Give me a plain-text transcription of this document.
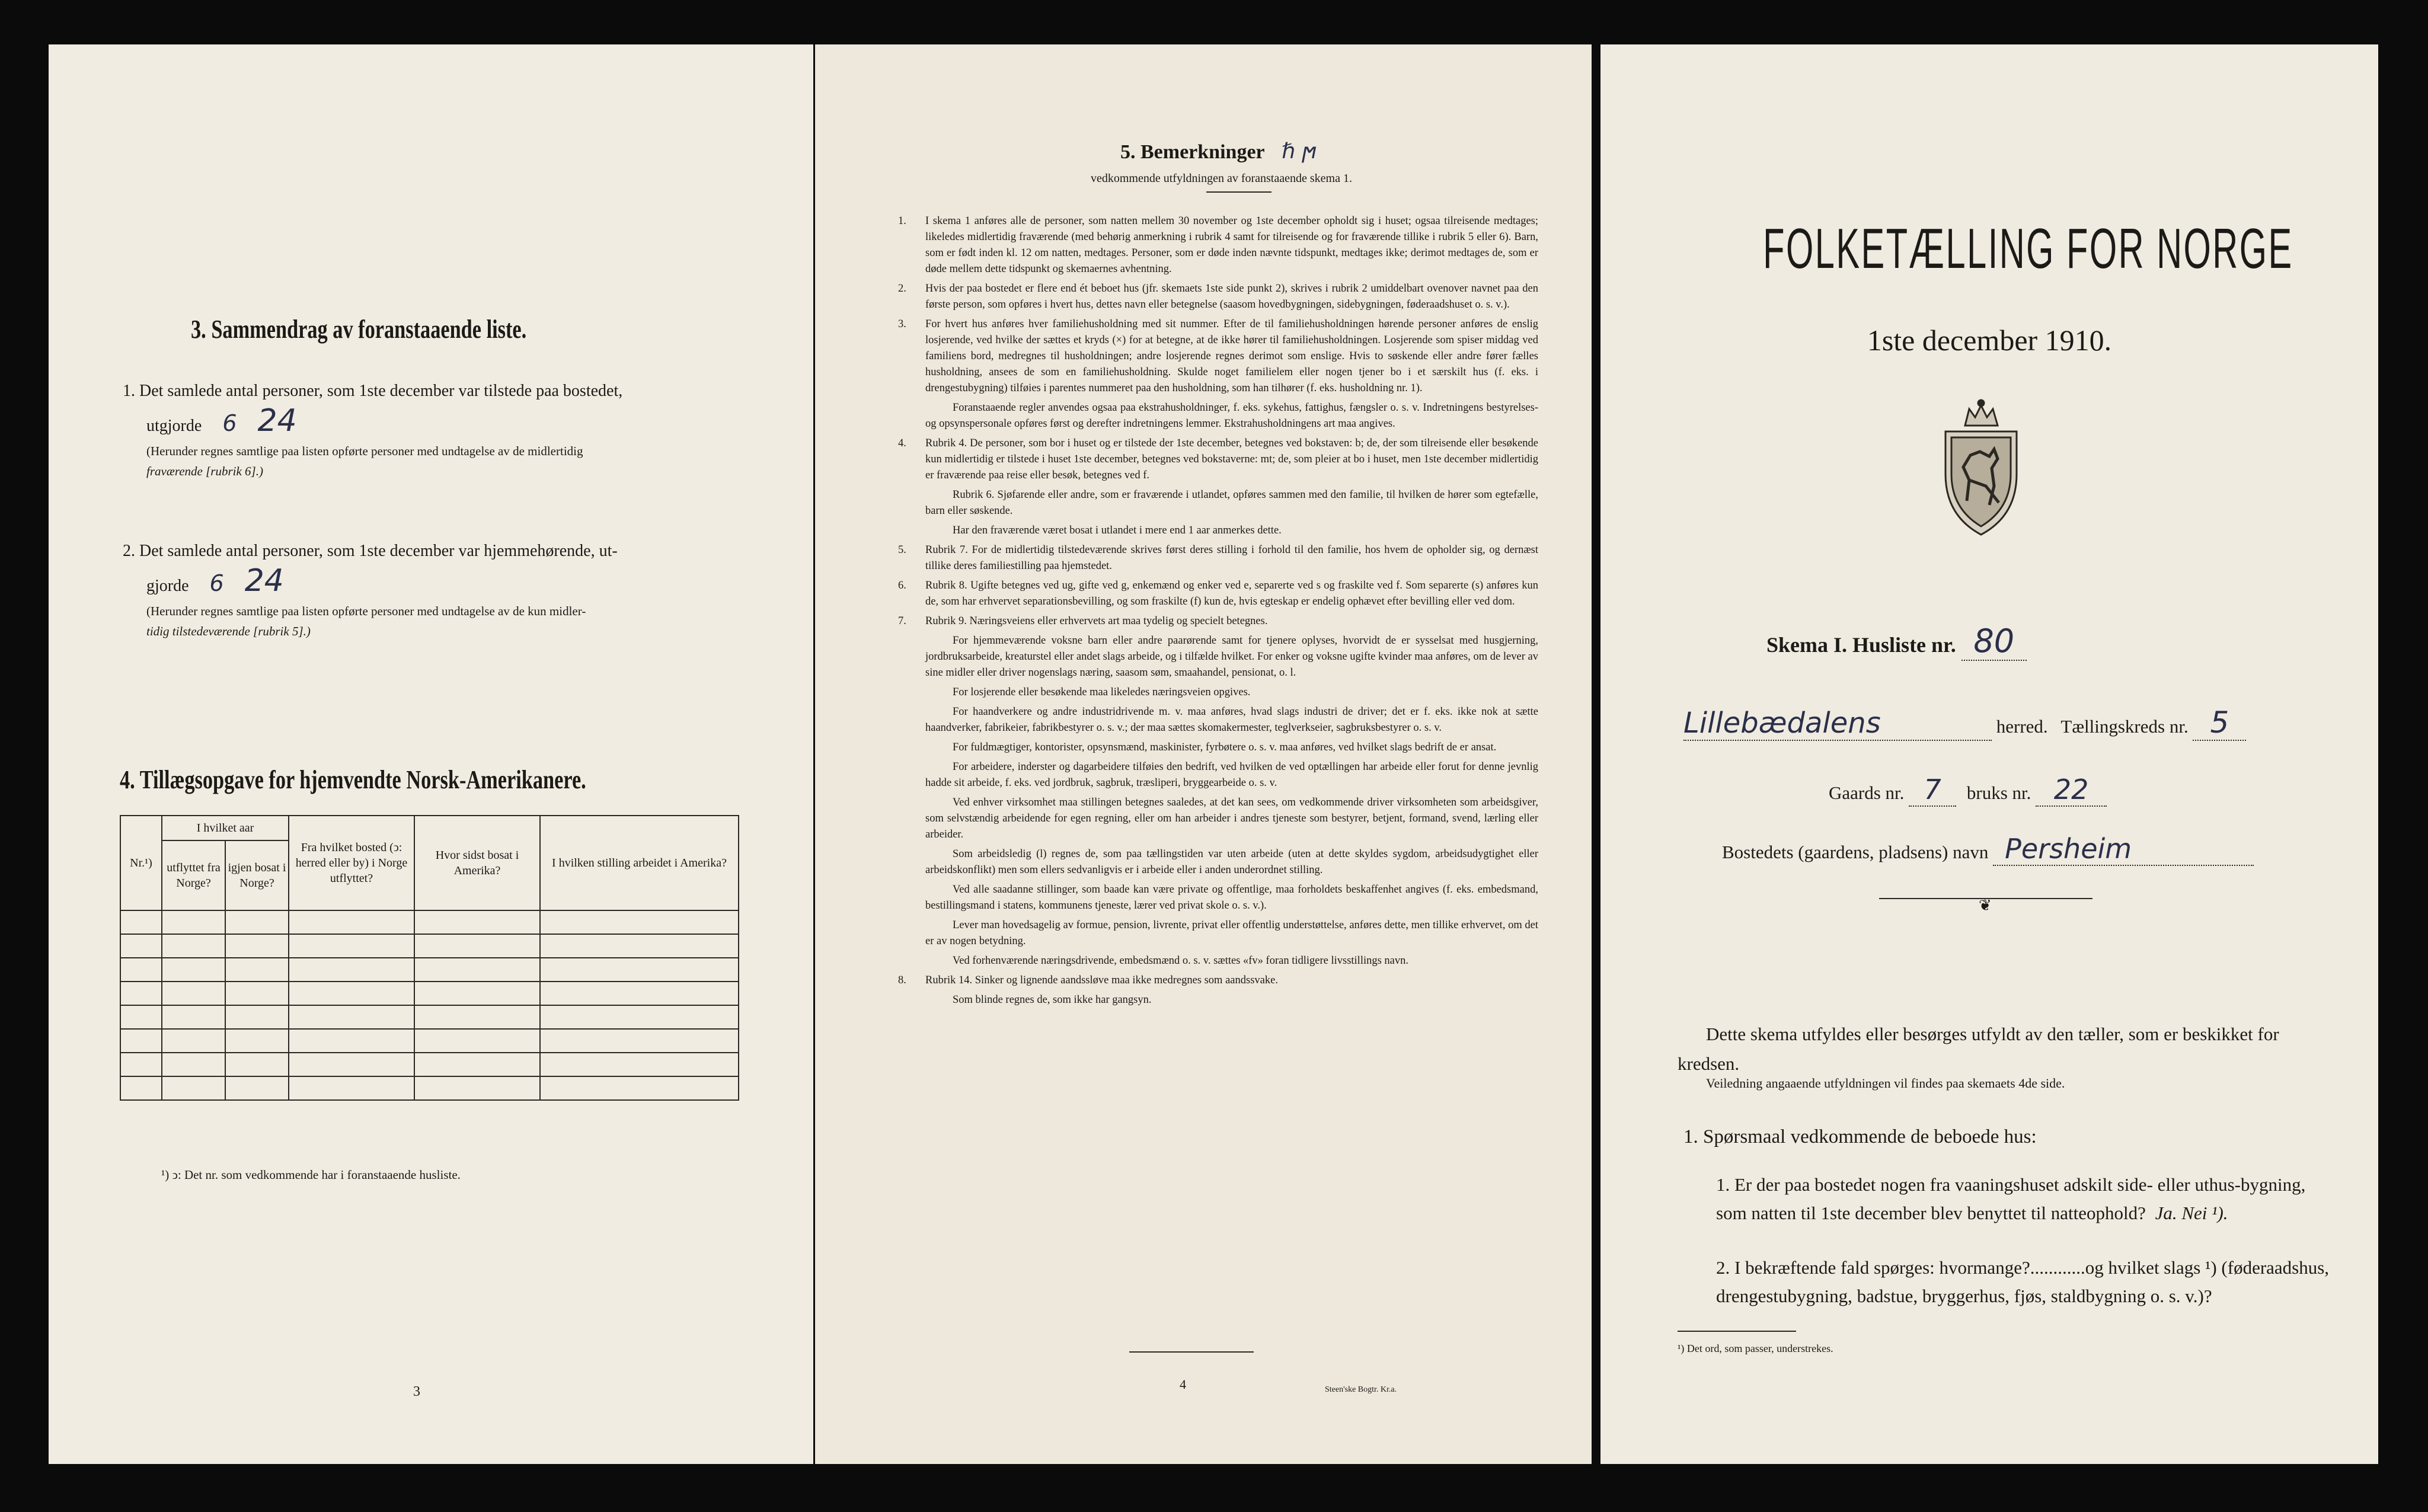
3. Sammendrag av foranstaaende liste.
1. Det samlede antal personer, som 1ste december var tilstede paa bostedet,
utgjorde 6 24
(Herunder regnes samtlige paa listen opførte personer med undtagelse av de midlertidig
fraværende [rubrik 6].)
2. Det samlede antal personer, som 1ste december var hjemmehørende, ut-
gjorde 6 24
(Herunder regnes samtlige paa listen opførte personer med undtagelse av de kun midler-
tidig tilstedeværende [rubrik 5].)
4. Tillægsopgave for hjemvendte Norsk-Amerikanere.
Nr.¹)	I hvilket aar		Fra hvilket bosted (ↄ: herred eller by) i Norge utflyttet?	Hvor sidst bosat i Amerika?	I hvilken stilling arbeidet i Amerika?
	utflyttet fra Norge?	igjen bosat i Norge?			

¹) ↄ: Det nr. som vedkommende har i foranstaaende husliste.
3
5. Bemerkninger ℏ ϻ
vedkommende utfyldningen av foranstaaende skema 1.
1. I skema 1 anføres alle de personer, som natten mellem 30 november og 1ste december opholdt sig i huset; ogsaa tilreisende medtages; likeledes midlertidig fraværende (med behørig anmerkning i rubrik 4 samt for tilreisende og for fraværende tillike i rubrik 5 eller 6). Barn, som er født inden kl. 12 om natten, medtages. Personer, som er døde inden nævnte tidspunkt, medtages ikke; derimot medtages de, som er døde mellem dette tidspunkt og skemaernes avhentning.

2. Hvis der paa bostedet er flere end ét beboet hus (jfr. skemaets 1ste side punkt 2), skrives i rubrik 2 umiddelbart ovenover navnet paa den første person, som opføres i hvert hus, dettes navn eller betegnelse (saasom hovedbygningen, sidebygningen, føderaadshuset o. s. v.).

3. For hvert hus anføres hver familiehusholdning med sit nummer. Efter de til familiehusholdningen hørende personer anføres de enslig losjerende, ved hvilke der sættes et kryds (×) for at betegne, at de ikke hører til familiehusholdningen. Losjerende som spiser middag ved familiens bord, medregnes til husholdningen; andre losjerende regnes derimot som enslige. Hvis to søskende eller andre fører fælles husholdning, ansees de som en familiehusholdning. Skulde noget familielem eller nogen tjener bo i et særskilt hus (f. eks. i drengestubygning) tilføies i parentes nummeret paa den husholdning, som han tilhører (f. eks. husholdning nr. 1).

Foranstaaende regler anvendes ogsaa paa ekstrahusholdninger, f. eks. sykehus, fattighus, fængsler o. s. v. Indretningens bestyrelses- og opsynspersonale opføres først og derefter indretningens lemmer. Ekstrahusholdningens art maa angives.

4. Rubrik 4. De personer, som bor i huset og er tilstede der 1ste december, betegnes ved bokstaven: b; de, der som tilreisende eller besøkende kun midlertidig er tilstede i huset 1ste december, betegnes ved bokstaverne: mt; de, som pleier at bo i huset, men 1ste december midlertidig er fraværende paa reise eller besøk, betegnes ved f.

Rubrik 6. Sjøfarende eller andre, som er fraværende i utlandet, opføres sammen med den familie, til hvilken de hører som egtefælle, barn eller søskende.

Har den fraværende været bosat i utlandet i mere end 1 aar anmerkes dette.

5. Rubrik 7. For de midlertidig tilstedeværende skrives først deres stilling i forhold til den familie, hos hvem de opholder sig, og dernæst tillike deres familiestilling paa hjemstedet.

6. Rubrik 8. Ugifte betegnes ved ug, gifte ved g, enkemænd og enker ved e, separerte ved s og fraskilte ved f. Som separerte (s) anføres kun de, som har erhvervet separationsbevilling, og som fraskilte (f) kun de, hvis egteskap er endelig ophævet efter bevilling eller ved dom.

7. Rubrik 9. Næringsveiens eller erhvervets art maa tydelig og specielt betegnes.

For hjemmeværende voksne barn eller andre paarørende samt for tjenere oplyses, hvorvidt de er sysselsat med husgjerning, jordbruksarbeide, kreaturstel eller andet slags arbeide, og i tilfælde hvilket. For enker og voksne ugifte kvinder maa anføres, om de lever av sine midler eller driver nogenslags næring, saasom søm, smaahandel, pensionat, o. l.

For losjerende eller besøkende maa likeledes næringsveien opgives.

For haandverkere og andre industridrivende m. v. maa anføres, hvad slags industri de driver; det er f. eks. ikke nok at sætte haandverker, fabrikeier, fabrikbestyrer o. s. v.; der maa sættes skomakermester, teglverkseier, sagbruksbestyrer o. s. v.

For fuldmægtiger, kontorister, opsynsmænd, maskinister, fyrbøtere o. s. v. maa anføres, ved hvilket slags bedrift de er ansat.

For arbeidere, inderster og dagarbeidere tilføies den bedrift, ved hvilken de ved optællingen har arbeide eller forut for denne jevnlig hadde sit arbeide, f. eks. ved jordbruk, sagbruk, træsliperi, bryggearbeide o. s. v.

Ved enhver virksomhet maa stillingen betegnes saaledes, at det kan sees, om vedkommende driver virksomheten som arbeidsgiver, som selvstændig arbeidende for egen regning, eller om han arbeider i andres tjeneste som bestyrer, betjent, formand, svend, lærling eller arbeider.

Som arbeidsledig (l) regnes de, som paa tællingstiden var uten arbeide (uten at dette skyldes sygdom, arbeidsudygtighet eller arbeidskonflikt) men som ellers sedvanligvis er i arbeide eller i anden underordnet stilling.

Ved alle saadanne stillinger, som baade kan være private og offentlige, maa forholdets beskaffenhet angives (f. eks. embedsmand, bestillingsmand i statens, kommunens tjeneste, lærer ved privat skole o. s. v.).

Lever man hovedsagelig av formue, pension, livrente, privat eller offentlig understøttelse, anføres dette, men tillike erhvervet, om det er av nogen betydning.

Ved forhenværende næringsdrivende, embedsmænd o. s. v. sættes «fv» foran tidligere livsstillings navn.

8. Rubrik 14. Sinker og lignende aandssløve maa ikke medregnes som aandssvake.

Som blinde regnes de, som ikke har gangsyn.

4	Steen'ske Bogtr. Kr.a.
FOLKETÆLLING FOR NORGE
1ste december 1910.
Skema I. Husliste nr. 80
Lillebædalens	herred. Tællingskreds nr. 5
Gaards nr. 7 bruks nr. 22
Bostedets (gaardens, pladsens) navn Persheim
❦
Dette skema utfyldes eller besørges utfyldt av den tæller, som er beskikket for kredsen.
Veiledning angaaende utfyldningen vil findes paa skemaets 4de side.
1. Spørsmaal vedkommende de beboede hus:
1. Er der paa bostedet nogen fra vaaningshuset adskilt side- eller uthus-bygning, som natten til 1ste december blev benyttet til natteophold? Ja. Nei ¹).
2. I bekræftende fald spørges: hvormange?............og hvilket slags ¹) (føderaadshus, drengestubygning, badstue, bryggerhus, fjøs, staldbygning o. s. v.)?
¹) Det ord, som passer, understrekes.
